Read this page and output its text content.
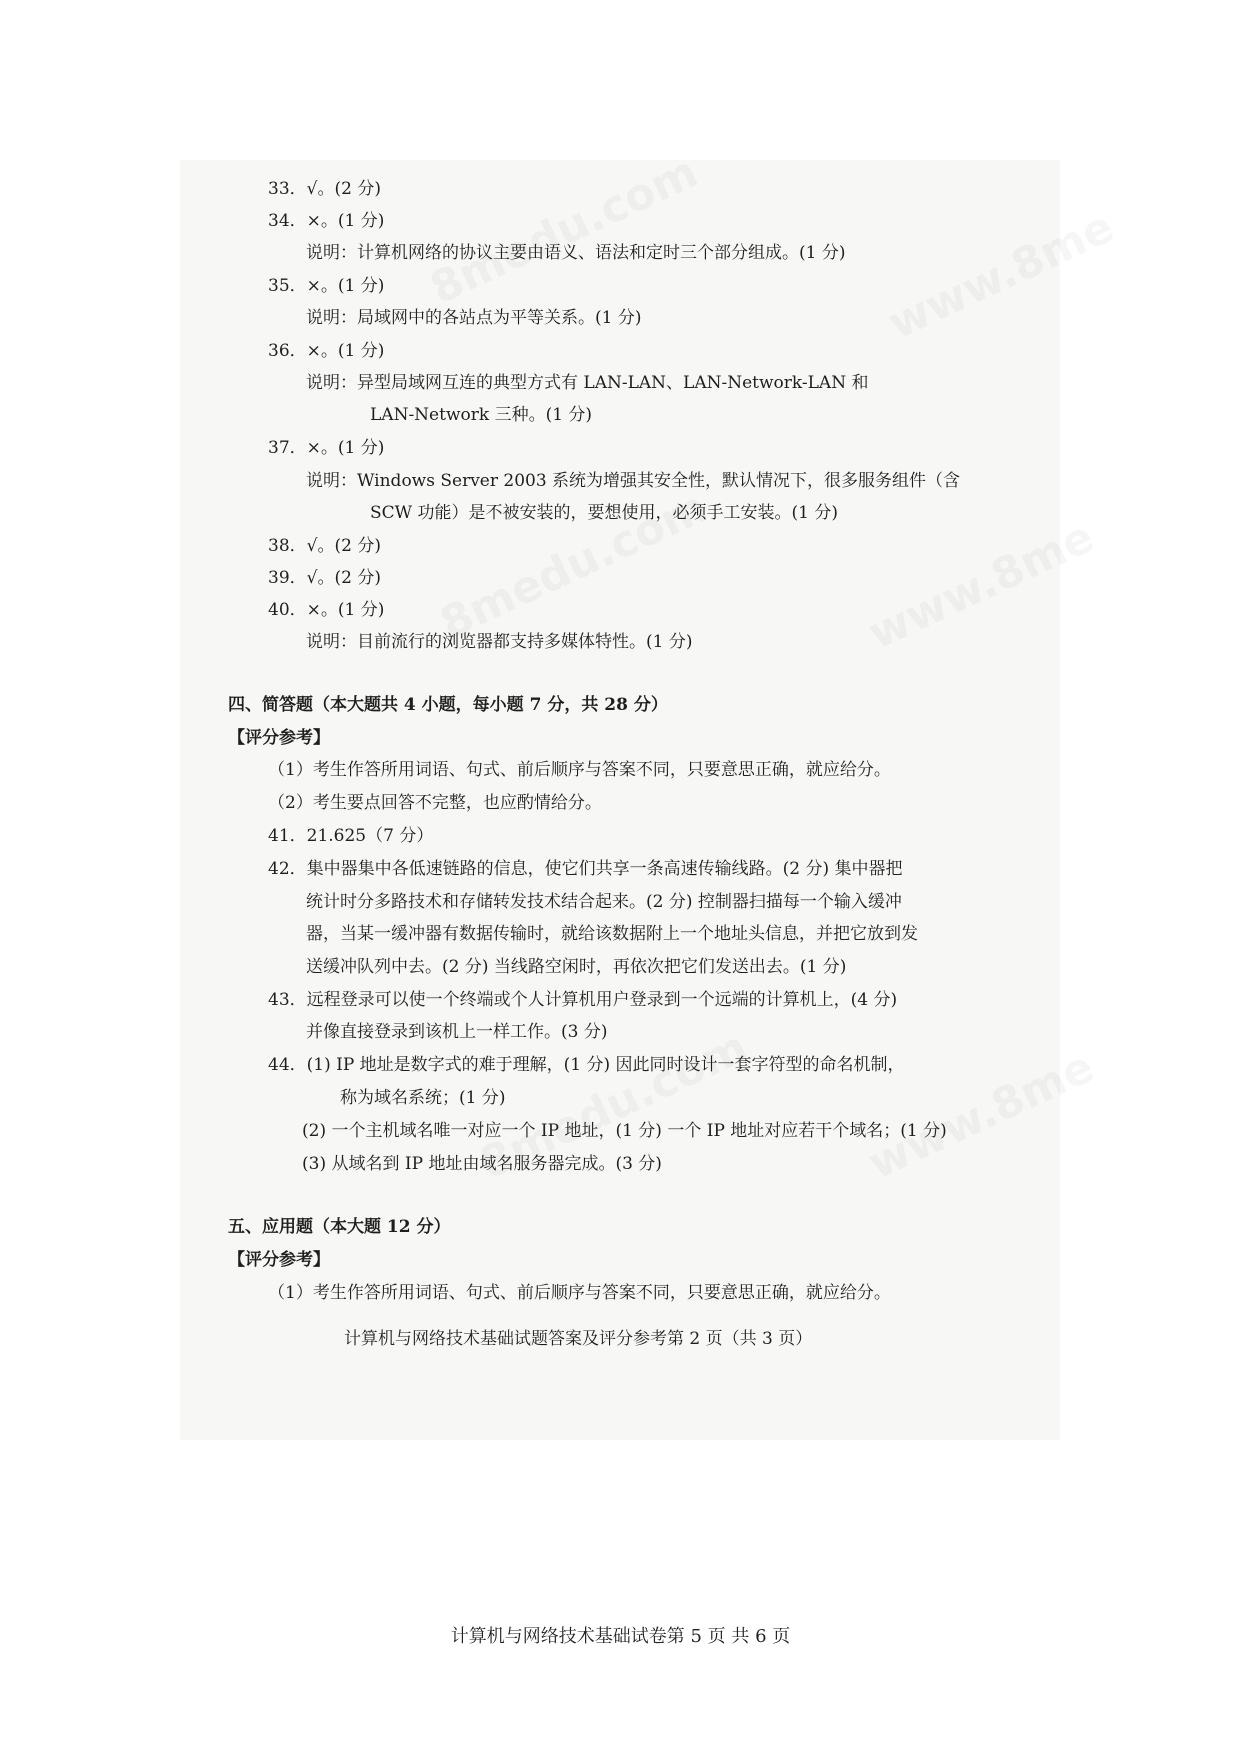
33．√。(2 分)
34．×。(1 分)
说明：计算机网络的协议主要由语义、语法和定时三个部分组成。(1 分)
35．×。(1 分)
说明：局域网中的各站点为平等关系。(1 分)
36．×。(1 分)
说明：异型局域网互连的典型方式有 LAN-LAN、LAN-Network-LAN 和
LAN-Network 三种。(1 分)
37．×。(1 分)
说明：Windows Server 2003 系统为增强其安全性，默认情况下，很多服务组件（含
SCW 功能）是不被安装的，要想使用，必须手工安装。(1 分)
38．√。(2 分)
39．√。(2 分)
40．×。(1 分)
说明：目前流行的浏览器都支持多媒体特性。(1 分)
四、简答题（本大题共 4 小题，每小题 7 分，共 28 分）
【评分参考】
（1）考生作答所用词语、句式、前后顺序与答案不同，只要意思正确，就应给分。
（2）考生要点回答不完整，也应酌情给分。
41．21.625（7 分）
42．集中器集中各低速链路的信息，使它们共享一条高速传输线路。(2 分) 集中器把
统计时分多路技术和存储转发技术结合起来。(2 分) 控制器扫描每一个输入缓冲
器，当某一缓冲器有数据传输时，就给该数据附上一个地址头信息，并把它放到发
送缓冲队列中去。(2 分) 当线路空闲时，再依次把它们发送出去。(1 分)
43．远程登录可以使一个终端或个人计算机用户登录到一个远端的计算机上，(4 分)
并像直接登录到该机上一样工作。(3 分)
44．(1) IP 地址是数字式的难于理解，(1 分) 因此同时设计一套字符型的命名机制，
称为域名系统；(1 分)
(2) 一个主机域名唯一对应一个 IP 地址，(1 分) 一个 IP 地址对应若干个域名；(1 分)
(3) 从域名到 IP 地址由域名服务器完成。(3 分)
五、应用题（本大题 12 分）
【评分参考】
（1）考生作答所用词语、句式、前后顺序与答案不同，只要意思正确，就应给分。
计算机与网络技术基础试题答案及评分参考第 2 页（共 3 页）
计算机与网络技术基础试卷第 5 页 共 6 页
